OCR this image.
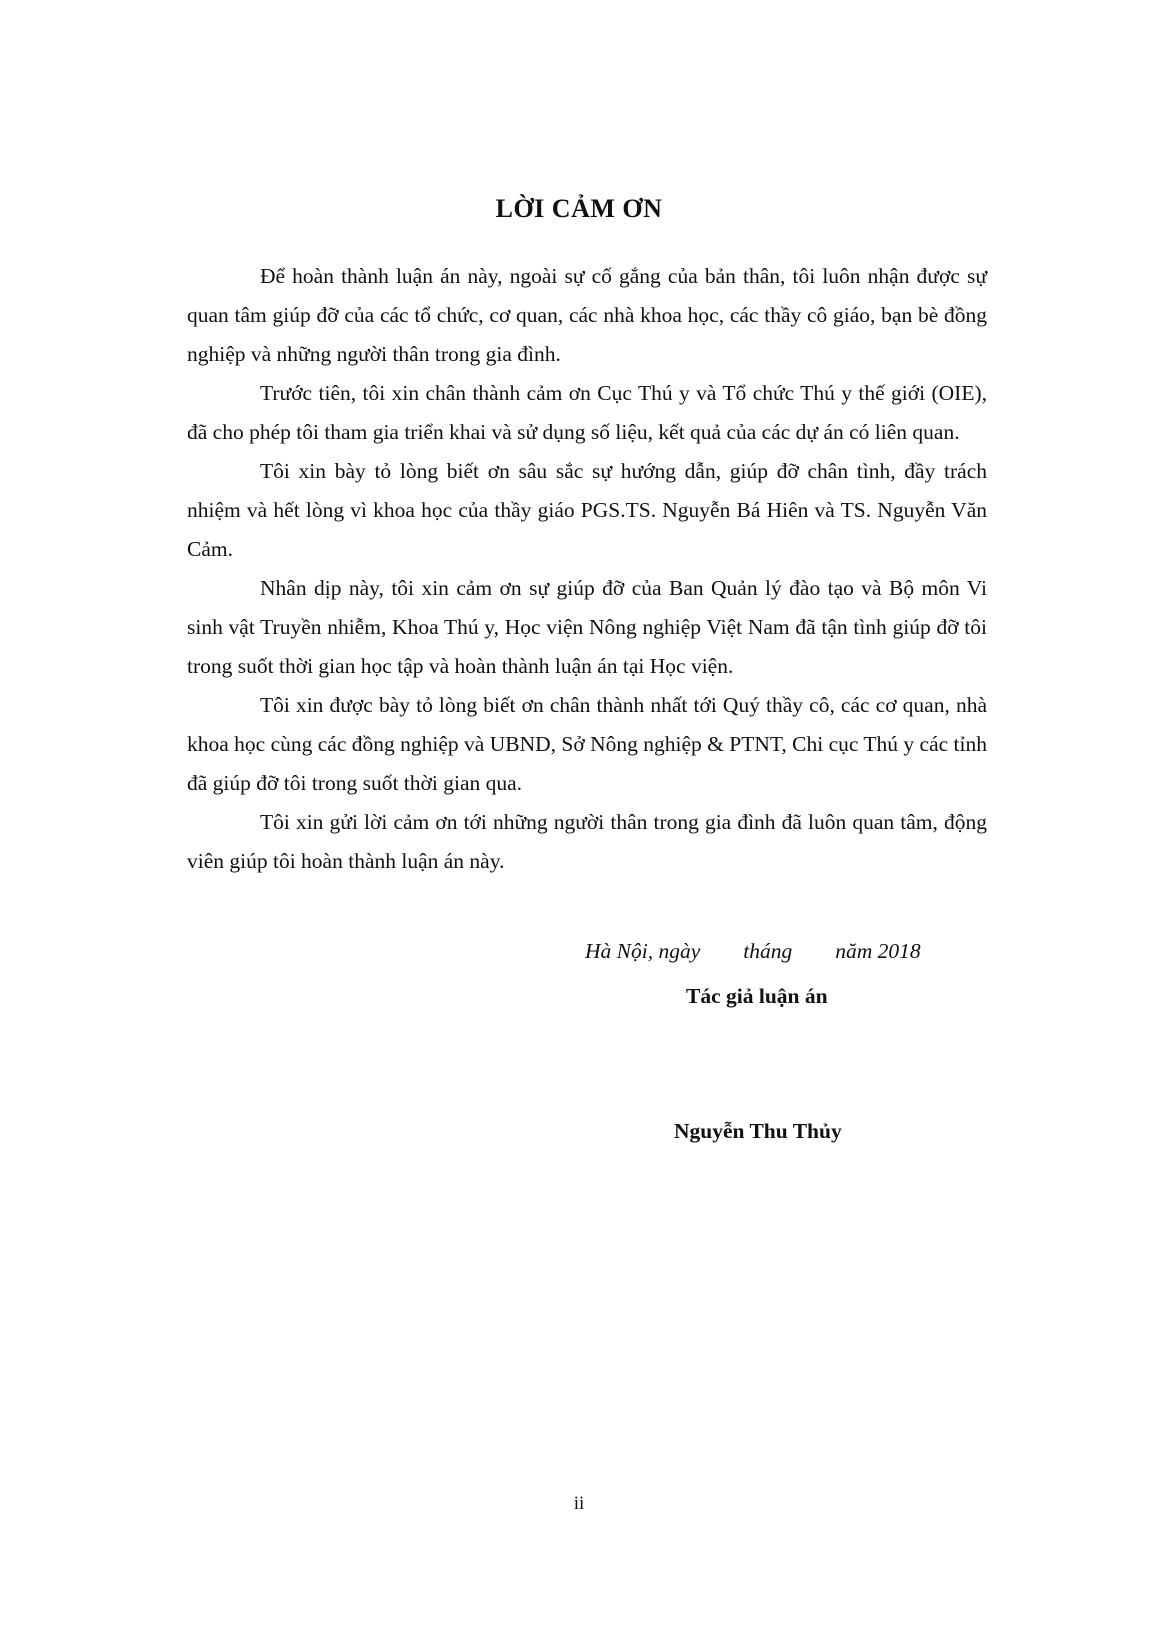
LỜI CẢM ƠN

Để hoàn thành luận án này, ngoài sự cố gắng của bản thân, tôi luôn nhận được sự quan tâm giúp đỡ của các tổ chức, cơ quan, các nhà khoa học, các thầy cô giáo, bạn bè đồng nghiệp và những người thân trong gia đình.

Trước tiên, tôi xin chân thành cảm ơn Cục Thú y và Tổ chức Thú y thế giới (OIE), đã cho phép tôi tham gia triển khai và sử dụng số liệu, kết quả của các dự án có liên quan.

Tôi xin bày tỏ lòng biết ơn sâu sắc sự hướng dẫn, giúp đỡ chân tình, đầy trách nhiệm và hết lòng vì khoa học của thầy giáo PGS.TS. Nguyễn Bá Hiên và TS. Nguyễn Văn Cảm.

Nhân dịp này, tôi xin cảm ơn sự giúp đỡ của Ban Quản lý đào tạo và Bộ môn Vi sinh vật Truyền nhiễm, Khoa Thú y, Học viện Nông nghiệp Việt Nam đã tận tình giúp đỡ tôi trong suốt thời gian học tập và hoàn thành luận án tại Học viện.

Tôi xin được bày tỏ lòng biết ơn chân thành nhất tới Quý thầy cô, các cơ quan, nhà khoa học cùng các đồng nghiệp và UBND, Sở Nông nghiệp & PTNT, Chi cục Thú y các tỉnh đã giúp đỡ tôi trong suốt thời gian qua.

Tôi xin gửi lời cảm ơn tới những người thân trong gia đình đã luôn quan tâm, động viên giúp tôi hoàn thành luận án này.

Hà Nội, ngày        tháng        năm 2018
Tác giả luận án
Nguyễn Thu Thủy
ii
